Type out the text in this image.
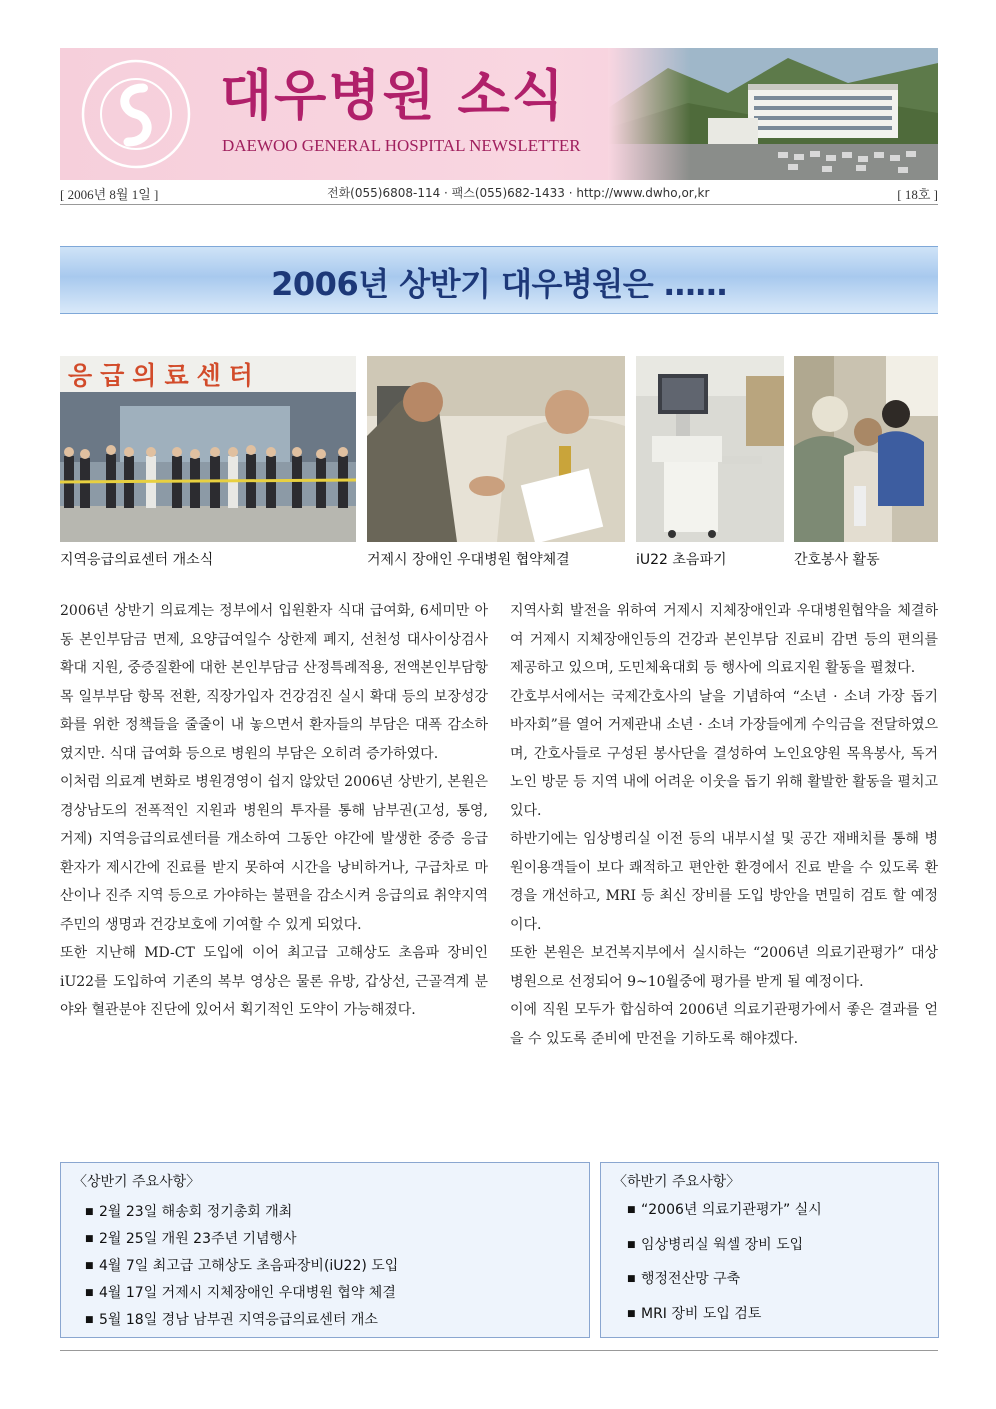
대우병원 소식
DAEWOO GENERAL HOSPITAL NEWSLETTER
[ 2006년 8월 1일 ]	전화(055)6808-114 · 팩스(055)682-1433 · http://www.dwho,or,kr	[ 18호 ]
2006년 상반기 대우병원은 ……
응급의료센터
지역응급의료센터 개소식	거제시 장애인 우대병원 협약체결	iU22 초음파기	간호봉사 활동

2006년 상반기 의료계는 정부에서 입원환자 식대 급여화, 6세미만 아동 본인부담금 면제, 요양급여일수 상한제 폐지, 선천성 대사이상검사 확대 지원, 중증질환에 대한 본인부담금 산정특례적용, 전액본인부담항목 일부부담 항목 전환, 직장가입자 건강검진 실시 확대 등의 보장성강화를 위한 정책들을 줄줄이 내 놓으면서 환자들의 부담은 대폭 감소하였지만. 식대 급여화 등으로 병원의 부담은 오히려 증가하였다.

이처럼 의료계 변화로 병원경영이 쉽지 않았던 2006년 상반기, 본원은 경상남도의 전폭적인 지원과 병원의 투자를 통해 남부권(고성, 통영, 거제) 지역응급의료센터를 개소하여 그동안 야간에 발생한 중증 응급환자가 제시간에 진료를 받지 못하여 시간을 낭비하거나, 구급차로 마산이나 진주 지역 등으로 가야하는 불편을 감소시켜 응급의료 취약지역 주민의 생명과 건강보호에 기여할 수 있게 되었다.

또한 지난해 MD-CT 도입에 이어 최고급 고해상도 초음파 장비인 iU22를 도입하여 기존의 복부 영상은 물론 유방, 갑상선, 근골격계 분야와 혈관분야 진단에 있어서 획기적인 도약이 가능해졌다.

지역사회 발전을 위하여 거제시 지체장애인과 우대병원협약을 체결하여 거제시 지체장애인등의 건강과 본인부담 진료비 감면 등의 편의를 제공하고 있으며, 도민체육대회 등 행사에 의료지원 활동을 펼쳤다.

간호부서에서는 국제간호사의 날을 기념하여 “소년 · 소녀 가장 돕기 바자회”를 열어 거제관내 소년 · 소녀 가장들에게 수익금을 전달하였으며, 간호사들로 구성된 봉사단을 결성하여 노인요양원 목욕봉사, 독거노인 방문 등 지역 내에 어려운 이웃을 돕기 위해 활발한 활동을 펼치고 있다.

하반기에는 임상병리실 이전 등의 내부시설 및 공간 재배치를 통해 병원이용객들이 보다 쾌적하고 편안한 환경에서 진료 받을 수 있도록 환경을 개선하고, MRI 등 최신 장비를 도입 방안을 면밀히 검토 할 예정이다.

또한 본원은 보건복지부에서 실시하는 “2006년 의료기관평가” 대상병원으로 선정되어 9~10월중에 평가를 받게 될 예정이다.

이에 직원 모두가 합심하여 2006년 의료기관평가에서 좋은 결과를 얻을 수 있도록 준비에 만전을 기하도록 해야겠다.

〈상반기 주요사항〉
■ 2월 23일 해송회 정기총회 개최
■ 2월 25일 개원 23주년 기념행사
■ 4월 7일 최고급 고해상도 초음파장비(iU22) 도입
■ 4월 17일 거제시 지체장애인 우대병원 협약 체결
■ 5월 18일 경남 남부권 지역응급의료센터 개소
〈하반기 주요사항〉
■ “2006년 의료기관평가” 실시
■ 임상병리실 웍셀 장비 도입
■ 행정전산망 구축
■ MRI 장비 도입 검토
